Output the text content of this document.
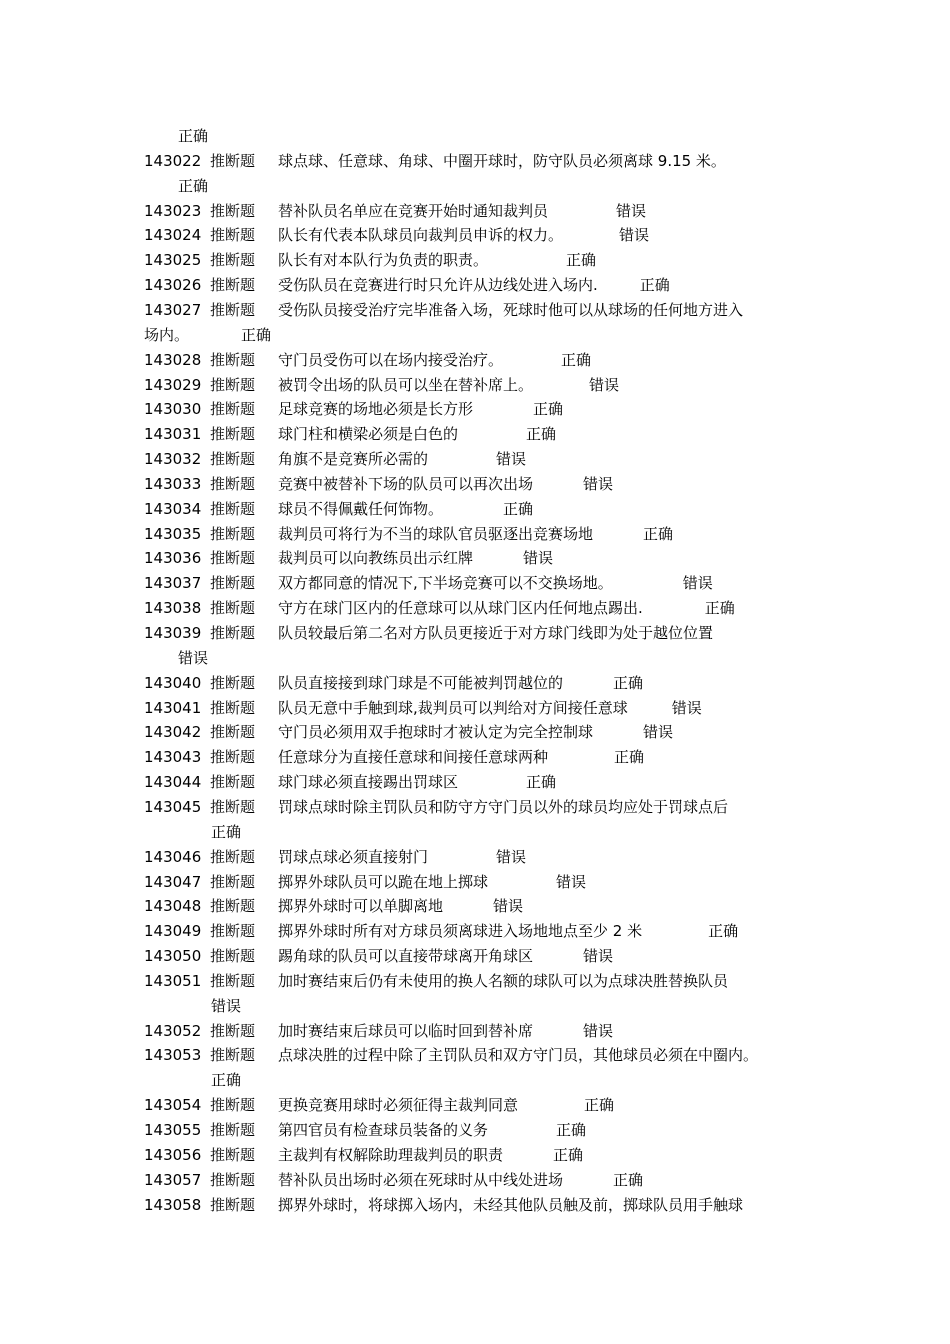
正确
143022 推断题 球点球、任意球、角球、中圈开球时，防守队员必须离球 9.15 米。
正确
143023 推断题 替补队员名单应在竞赛开始时通知裁判员	错误
143024 推断题 队长有代表本队球员向裁判员申诉的权力。	错误
143025 推断题 队长有对本队行为负责的职责。	正确
143026 推断题 受伤队员在竞赛进行时只允许从边线处进入场内.	正确
143027 推断题 受伤队员接受治疗完毕准备入场，死球时他可以从球场的任何地方进入
场内。	正确
143028 推断题 守门员受伤可以在场内接受治疗。	正确
143029 推断题 被罚令出场的队员可以坐在替补席上。	错误
143030 推断题 足球竞赛的场地必须是长方形	正确
143031 推断题 球门柱和横梁必须是白色的	正确
143032 推断题 角旗不是竞赛所必需的	错误
143033 推断题 竞赛中被替补下场的队员可以再次出场	错误
143034 推断题 球员不得佩戴任何饰物。	正确
143035 推断题 裁判员可将行为不当的球队官员驱逐出竞赛场地	正确
143036 推断题 裁判员可以向教练员出示红牌	错误
143037 推断题 双方都同意的情况下,下半场竞赛可以不交换场地。	错误
143038 推断题 守方在球门区内的任意球可以从球门区内任何地点踢出.	正确
143039 推断题 队员较最后第二名对方队员更接近于对方球门线即为处于越位位置
错误
143040 推断题 队员直接接到球门球是不可能被判罚越位的	正确
143041 推断题 队员无意中手触到球,裁判员可以判给对方间接任意球	错误
143042 推断题 守门员必须用双手抱球时才被认定为完全控制球	错误
143043 推断题 任意球分为直接任意球和间接任意球两种	正确
143044 推断题 球门球必须直接踢出罚球区	正确
143045 推断题 罚球点球时除主罚队员和防守方守门员以外的球员均应处于罚球点后
正确
143046 推断题 罚球点球必须直接射门	错误
143047 推断题 掷界外球队员可以跪在地上掷球	错误
143048 推断题 掷界外球时可以单脚离地	错误
143049 推断题 掷界外球时所有对方球员须离球进入场地地点至少 2 米	正确
143050 推断题 踢角球的队员可以直接带球离开角球区	错误
143051 推断题 加时赛结束后仍有未使用的换人名额的球队可以为点球决胜替换队员
错误
143052 推断题 加时赛结束后球员可以临时回到替补席	错误
143053 推断题 点球决胜的过程中除了主罚队员和双方守门员，其他球员必须在中圈内。
正确
143054 推断题 更换竞赛用球时必须征得主裁判同意	正确
143055 推断题 第四官员有检查球员装备的义务	正确
143056 推断题 主裁判有权解除助理裁判员的职责	正确
143057 推断题 替补队员出场时必须在死球时从中线处进场	正确
143058 推断题 掷界外球时，将球掷入场内，未经其他队员触及前，掷球队员用手触球
